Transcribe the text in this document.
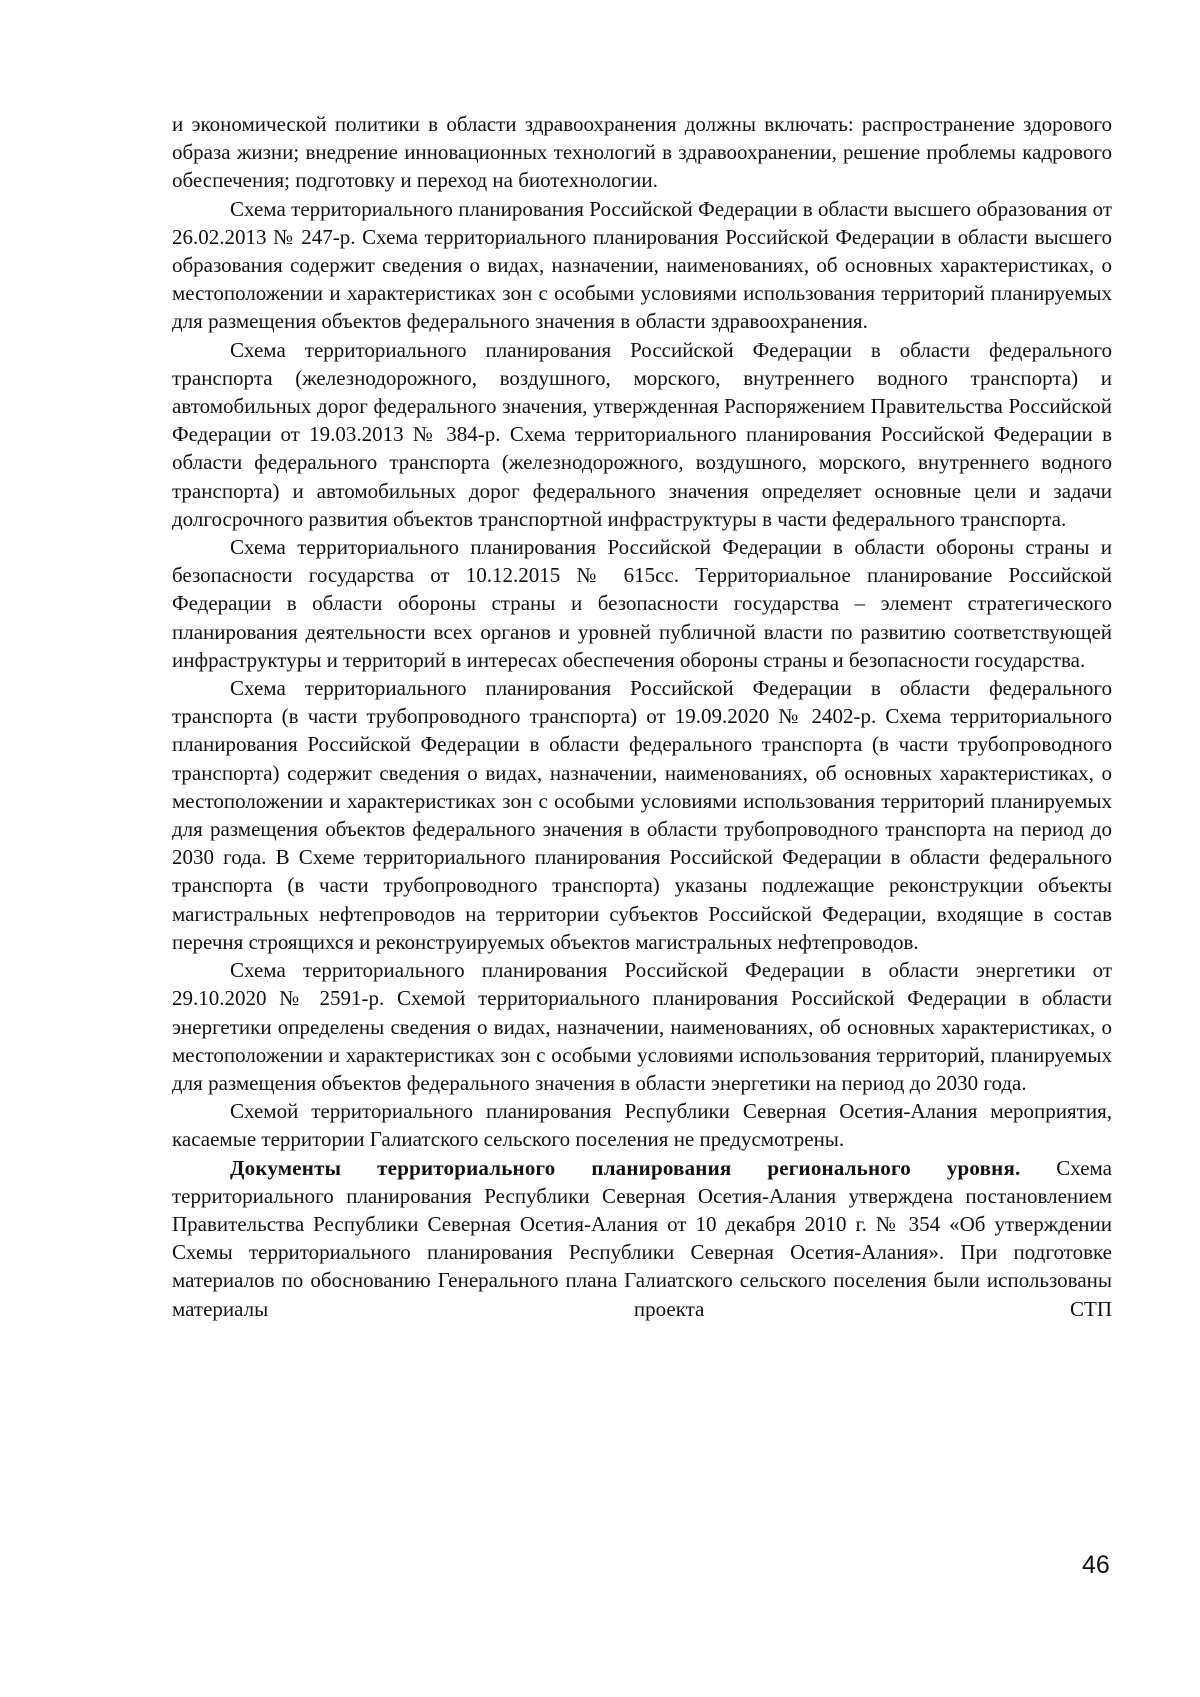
и экономической политики в области здравоохранения должны включать: распространение здорового образа жизни; внедрение инновационных технологий в здравоохранении, решение проблемы кадрового обеспечения; подготовку и переход на биотехнологии.

Схема территориального планирования Российской Федерации в области высшего образования от 26.02.2013 № 247-р. Схема территориального планирования Российской Федерации в области высшего образования содержит сведения о видах, назначении, наименованиях, об основных характеристиках, о местоположении и характеристиках зон с особыми условиями использования территорий планируемых для размещения объектов федерального значения в области здравоохранения.

Схема территориального планирования Российской Федерации в области федерального транспорта (железнодорожного, воздушного, морского, внутреннего водного транспорта) и автомобильных дорог федерального значения, утвержденная Распоряжением Правительства Российской Федерации от 19.03.2013 № 384-р. Схема территориального планирования Российской Федерации в области федерального транспорта (железнодорожного, воздушного, морского, внутреннего водного транспорта) и автомобильных дорог федерального значения определяет основные цели и задачи долгосрочного развития объектов транспортной инфраструктуры в части федерального транспорта.

Схема территориального планирования Российской Федерации в области обороны страны и безопасности государства от 10.12.2015 № 615сс. Территориальное планирование Российской Федерации в области обороны страны и безопасности государства – элемент стратегического планирования деятельности всех органов и уровней публичной власти по развитию соответствующей инфраструктуры и территорий в интересах обеспечения обороны страны и безопасности государства.

Схема территориального планирования Российской Федерации в области федерального транспорта (в части трубопроводного транспорта) от 19.09.2020 № 2402-р. Схема территориального планирования Российской Федерации в области федерального транспорта (в части трубопроводного транспорта) содержит сведения о видах, назначении, наименованиях, об основных характеристиках, о местоположении и характеристиках зон с особыми условиями использования территорий планируемых для размещения объектов федерального значения в области трубопроводного транспорта на период до 2030 года. В Схеме территориального планирования Российской Федерации в области федерального транспорта (в части трубопроводного транспорта) указаны подлежащие реконструкции объекты магистральных нефтепроводов на территории субъектов Российской Федерации, входящие в состав перечня строящихся и реконструируемых объектов магистральных нефтепроводов.

Схема территориального планирования Российской Федерации в области энергетики от 29.10.2020 № 2591-р. Схемой территориального планирования Российской Федерации в области энергетики определены сведения о видах, назначении, наименованиях, об основных характеристиках, о местоположении и характеристиках зон с особыми условиями использования территорий, планируемых для размещения объектов федерального значения в области энергетики на период до 2030 года.

Схемой территориального планирования Республики Северная Осетия-Алания мероприятия, касаемые территории Галиатского сельского поселения не предусмотрены.

Документы территориального планирования регионального уровня. Схема территориального планирования Республики Северная Осетия-Алания утверждена постановлением Правительства Республики Северная Осетия-Алания от 10 декабря 2010 г. № 354 «Об утверждении Схемы территориального планирования Республики Северная Осетия-Алания». При подготовке материалов по обоснованию Генерального плана Галиатского сельского поселения были использованы материалы проекта СТП

46
